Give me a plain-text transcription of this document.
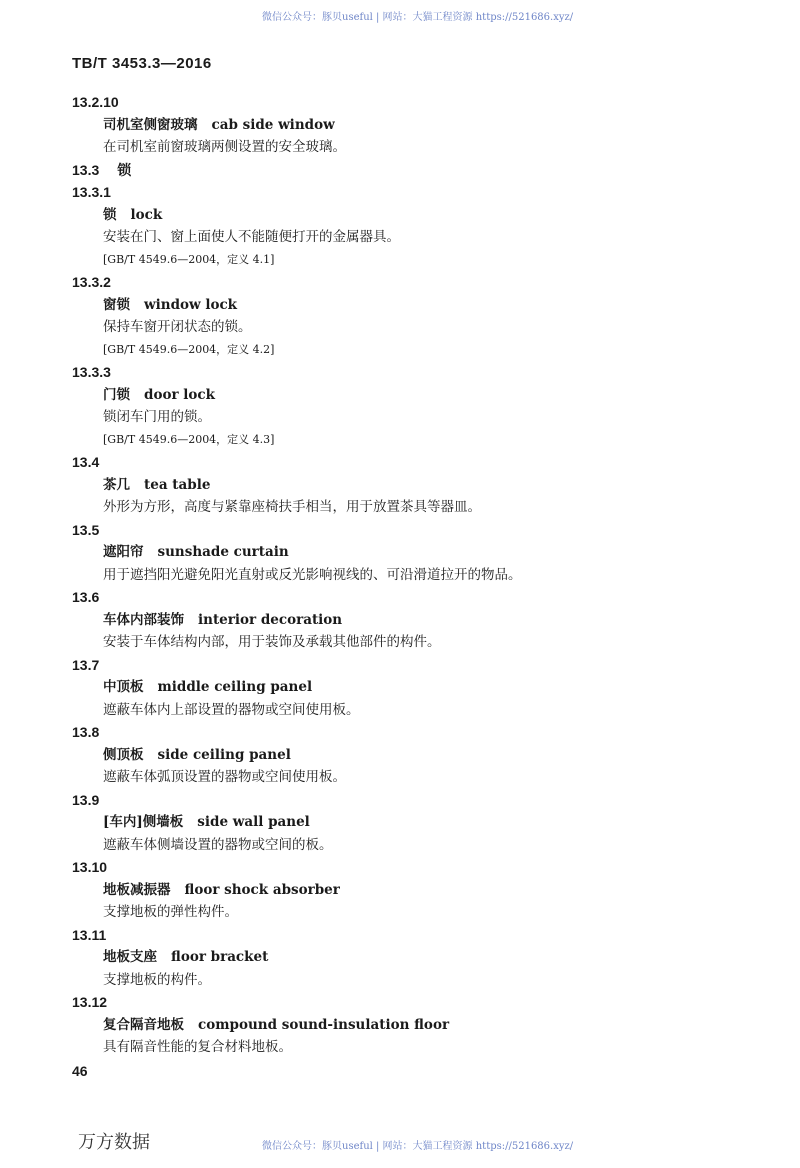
微信公众号：豚贝useful | 网站：大猫工程资源 https://521686.xyz/
TB/T 3453.3—2016
13.2.10
司机室侧窗玻璃 cab side window
在司机室前窗玻璃两侧设置的安全玻璃。
13.3 锁
13.3.1
锁 lock
安装在门、窗上面使人不能随便打开的金属器具。
[GB/T 4549.6—2004，定义 4.1]
13.3.2
窗锁 window lock
保持车窗开闭状态的锁。
[GB/T 4549.6—2004，定义 4.2]
13.3.3
门锁 door lock
锁闭车门用的锁。
[GB/T 4549.6—2004，定义 4.3]
13.4
茶几 tea table
外形为方形，高度与紧靠座椅扶手相当，用于放置茶具等器皿。
13.5
遮阳帘 sunshade curtain
用于遮挡阳光避免阳光直射或反光影响视线的、可沿滑道拉开的物品。
13.6
车体内部装饰 interior decoration
安装于车体结构内部，用于装饰及承载其他部件的构件。
13.7
中顶板 middle ceiling panel
遮蔽车体内上部设置的器物或空间使用板。
13.8
侧顶板 side ceiling panel
遮蔽车体弧顶设置的器物或空间使用板。
13.9
[车内]侧墙板 side wall panel
遮蔽车体侧墙设置的器物或空间的板。
13.10
地板减振器 floor shock absorber
支撑地板的弹性构件。
13.11
地板支座 floor bracket
支撑地板的构件。
13.12
复合隔音地板 compound sound-insulation floor
具有隔音性能的复合材料地板。
46
万方数据	微信公众号：豚贝useful | 网站：大猫工程资源 https://521686.xyz/
